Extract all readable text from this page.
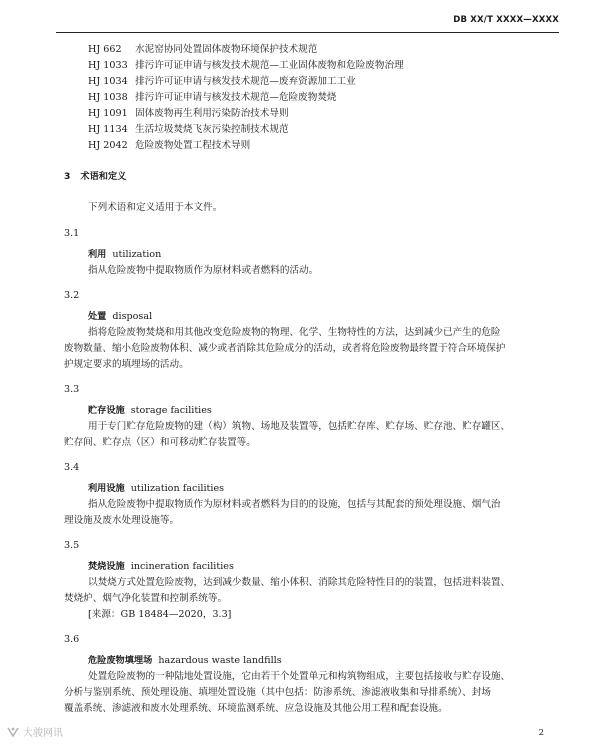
DB XX/T XXXX—XXXX
HJ 662 水泥窑协同处置固体废物环境保护技术规范
HJ 1033 排污许可证申请与核发技术规范—工业固体废物和危险废物治理
HJ 1034 排污许可证申请与核发技术规范—废弃资源加工工业
HJ 1038 排污许可证申请与核发技术规范—危险废物焚烧
HJ 1091 固体废物再生利用污染防治技术导则
HJ 1134 生活垃圾焚烧飞灰污染控制技术规范
HJ 2042 危险废物处置工程技术导则
3 术语和定义
下列术语和定义适用于本文件。
3.1
利用 utilization
指从危险废物中提取物质作为原材料或者燃料的活动。
3.2
处置 disposal
指将危险废物焚烧和用其他改变危险废物的物理、化学、生物特性的方法，达到减少已产生的危险
废物数量、缩小危险废物体积、减少或者消除其危险成分的活动，或者将危险废物最终置于符合环境保护
护规定要求的填埋场的活动。
3.3
贮存设施 storage facilities
用于专门贮存危险废物的建（构）筑物、场地及装置等，包括贮存库、贮存场、贮存池、贮存罐区、
贮存间、贮存点（区）和可移动贮存装置等。
3.4
利用设施 utilization facilities
指从危险废物中提取物质作为原材料或者燃料为目的的设施，包括与其配套的预处理设施、烟气治
理设施及废水处理设施等。
3.5
焚烧设施 incineration facilities
以焚烧方式处置危险废物，达到减少数量、缩小体积、消除其危险特性目的的装置，包括进料装置、
焚烧炉、烟气净化装置和控制系统等。
[来源：GB 18484—2020，3.3]
3.6
危险废物填埋场 hazardous waste landfills
处置危险废物的一种陆地处置设施，它由若干个处置单元和构筑物组成，主要包括接收与贮存设施、
分析与鉴别系统、预处理设施、填埋处置设施（其中包括：防渗系统、渗滤液收集和导排系统）、封场
覆盖系统、渗滤液和废水处理系统、环境监测系统、应急设施及其他公用工程和配套设施。
大骏网讯	2
